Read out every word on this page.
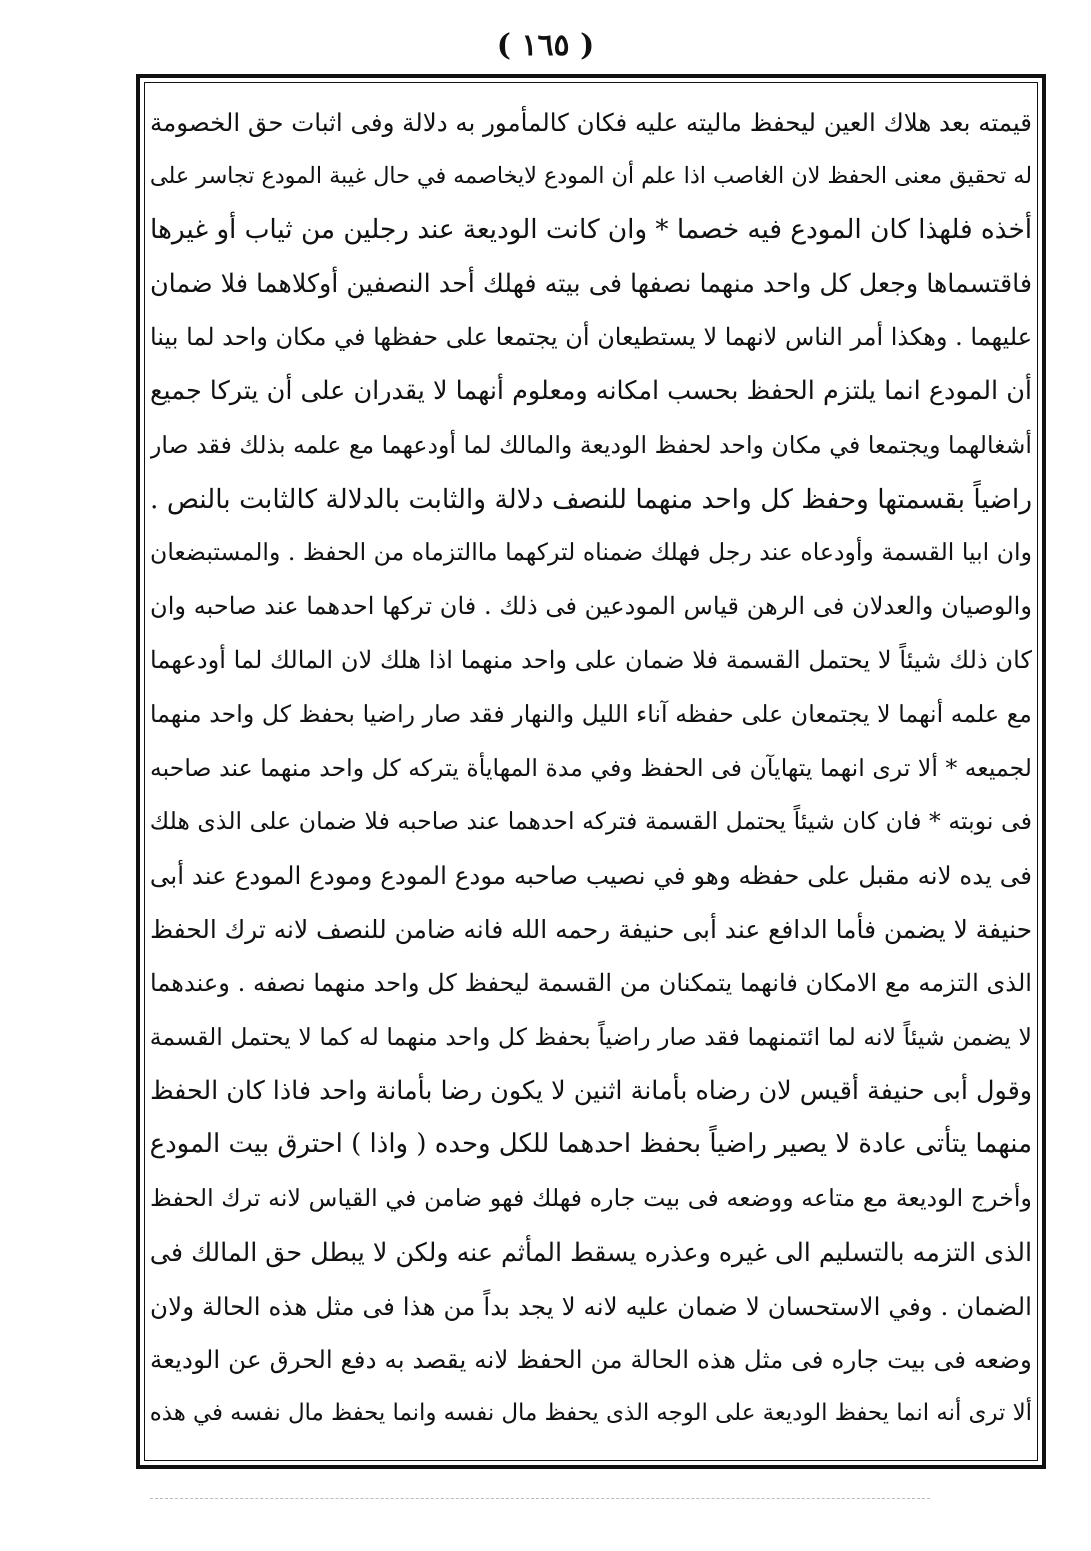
( ١٦٥ )
قيمته بعد هلاك العين ليحفظ ماليته عليه فكان كالمأمور به دلالة وفى اثبات حق الخصومة
له تحقيق معنى الحفظ لان الغاصب اذا علم أن المودع لايخاصمه في حال غيبة المودع تجاسر على
أخذه فلهذا كان المودع فيه خصما * وان كانت الوديعة عند رجلين من ثياب أو غيرها
فاقتسماها وجعل كل واحد منهما نصفها فى بيته فهلك أحد النصفين أوكلاهما فلا ضمان
عليهما . وهكذا أمر الناس لانهما لا يستطيعان أن يجتمعا على حفظها في مكان واحد لما بينا
أن المودع انما يلتزم الحفظ بحسب امكانه ومعلوم أنهما لا يقدران على أن يتركا جميع
أشغالهما ويجتمعا في مكان واحد لحفظ الوديعة والمالك لما أودعهما مع علمه بذلك فقد صار
راضياً بقسمتها وحفظ كل واحد منهما للنصف دلالة والثابت بالدلالة كالثابت بالنص .
وان ابيا القسمة وأودعاه عند رجل فهلك ضمناه لتركهما ماالتزماه من الحفظ . والمستبضعان
والوصيان والعدلان فى الرهن قياس المودعين فى ذلك . فان تركها احدهما عند صاحبه وان
كان ذلك شيئاً لا يحتمل القسمة فلا ضمان على واحد منهما اذا هلك لان المالك لما أودعهما
مع علمه أنهما لا يجتمعان على حفظه آناء الليل والنهار فقد صار راضيا بحفظ كل واحد منهما
لجميعه * ألا ترى انهما يتهايآن فى الحفظ وفي مدة المهايأة يتركه كل واحد منهما عند صاحبه
فى نوبته * فان كان شيئاً يحتمل القسمة فتركه احدهما عند صاحبه فلا ضمان على الذى هلك
فى يده لانه مقبل على حفظه وهو في نصيب صاحبه مودع المودع ومودع المودع عند أبى
حنيفة لا يضمن فأما الدافع عند أبى حنيفة رحمه الله فانه ضامن للنصف لانه ترك الحفظ
الذى التزمه مع الامكان فانهما يتمكنان من القسمة ليحفظ كل واحد منهما نصفه . وعندهما
لا يضمن شيئاً لانه لما ائتمنهما فقد صار راضياً بحفظ كل واحد منهما له كما لا يحتمل القسمة
وقول أبى حنيفة أقيس لان رضاه بأمانة اثنين لا يكون رضا بأمانة واحد فاذا كان الحفظ
منهما يتأتى عادة لا يصير راضياً بحفظ احدهما للكل وحده ( واذا ) احترق بيت المودع
وأخرج الوديعة مع متاعه ووضعه فى بيت جاره فهلك فهو ضامن في القياس لانه ترك الحفظ
الذى التزمه بالتسليم الى غيره وعذره يسقط المأثم عنه ولكن لا يبطل حق المالك فى
الضمان . وفي الاستحسان لا ضمان عليه لانه لا يجد بداً من هذا فى مثل هذه الحالة ولان
وضعه فى بيت جاره فى مثل هذه الحالة من الحفظ لانه يقصد به دفع الحرق عن الوديعة
ألا ترى أنه انما يحفظ الوديعة على الوجه الذى يحفظ مال نفسه وانما يحفظ مال نفسه في هذه
